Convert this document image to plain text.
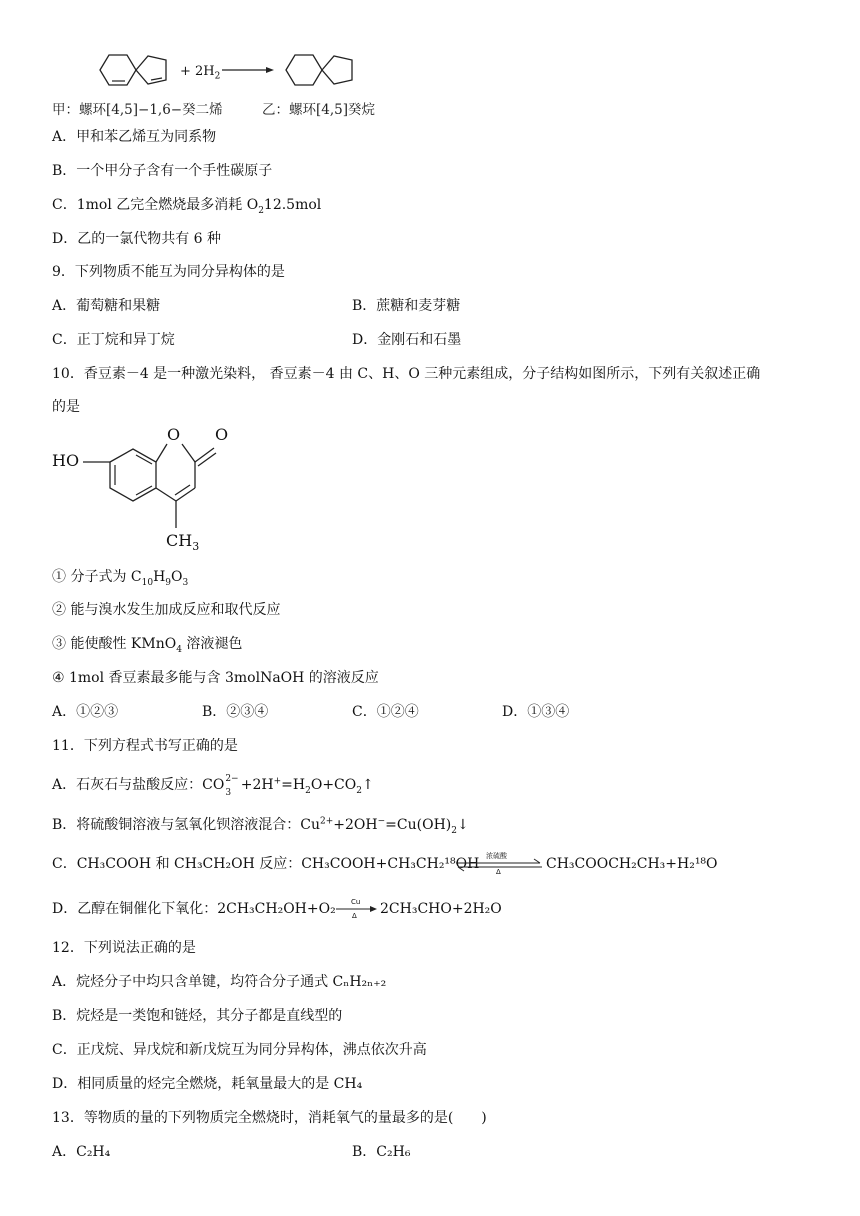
+ $2H_2$
甲：螺环[4,5]−1,6−癸二烯	乙：螺环[4,5]癸烷
A．甲和苯乙烯互为同系物
B．一个甲分子含有一个手性碳原子
C．1mol 乙完全燃烧最多消耗 $O_212.5mol$
D．乙的一氯代物共有 6 种
9．下列物质不能互为同分异构体的是
A．葡萄糖和果糖	B．蔗糖和麦芽糖
C．正丁烷和异丁烷	D．金刚石和石墨
10．香豆素－4 是一种激光染料， 香豆素－4 由 C、H、O 三种元素组成，分子结构如图所示，下列有关叙述正确
的是
HO
O O
$CH_3$
① 分子式为 $C_{10}H_9O_3$
② 能与溴水发生加成反应和取代反应
③ 能使酸性 KMnO$_4$ 溶液褪色
④ 1mol 香豆素最多能与含 3molNaOH 的溶液反应
A．①②③	B．②③④	C．①②④	D．①③④
11．下列方程式书写正确的是
A．石灰石与盐酸反应：CO 2−
$3 +2H^+=H_2O+CO_2↑$
B．将硫酸铜溶液与氢氧化钡溶液混合：$Cu^{2+}+2OH^-=Cu(OH)_2↓$
C．CH₃COOH 和 CH₃CH₂OH 反应：CH₃COOH+CH₃CH₂¹⁸OH 浓硫酸
Δ	CH₃COOCH₂CH₃+H₂¹⁸O
D．乙醇在铜催化下氧化：2CH₃CH₂OH+O₂ Cu
Δ 2CH₃CHO+2H₂O
12．下列说法正确的是
A．烷烃分子中均只含单键，均符合分子通式 CₙH₂ₙ₊₂
B．烷烃是一类饱和链烃，其分子都是直线型的
C．正戊烷、异戊烷和新戊烷互为同分异构体，沸点依次升高
D．相同质量的烃完全燃烧，耗氧量最大的是 CH₄
13．等物质的量的下列物质完全燃烧时，消耗氧气的量最多的是(　　)
A．C₂H₄	B．C₂H₆
